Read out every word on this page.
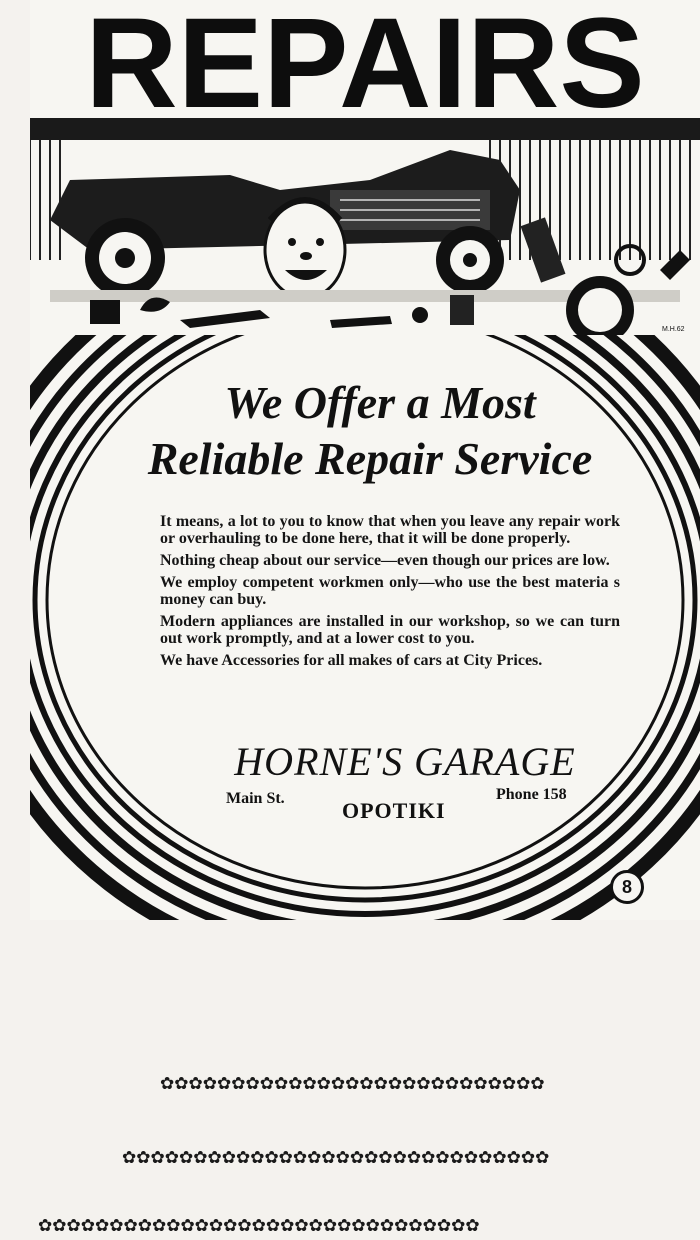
REPAIRS
M.H.62
We Offer a Most
Reliable Repair Service

It means, a lot to you to know that when you leave any repair work or overhauling to be done here, that it will be done properly.

Nothing cheap about our service—even though our prices are low.

We employ competent workmen only—who use the best materia s money can buy.

Modern appliances are installed in our workshop, so we can turn out work promptly, and at a lower cost to you.

We have Accessories for all makes of cars at City Prices.

HORNE'S GARAGE
Main St.	OPOTIKI
Phone 158
8
✿✿✿✿✿✿✿✿✿✿✿✿✿✿✿✿✿✿✿✿✿✿✿✿✿✿✿
✿✿✿✿✿✿✿✿✿✿✿✿✿✿✿✿✿✿✿✿✿✿✿✿✿✿✿✿✿✿
✿✿✿✿✿✿✿✿✿✿✿✿✿✿✿✿✿✿✿✿✿✿✿✿✿✿✿✿✿✿✿
